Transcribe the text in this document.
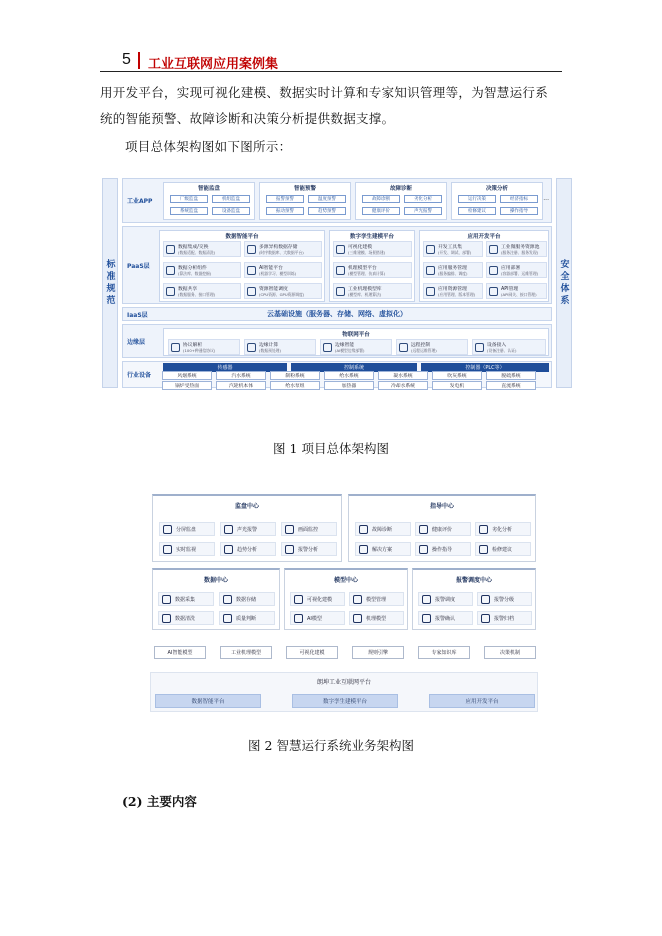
5 工业互联网应用案例集
用开发平台，实现可视化建模、数据实时计算和专家知识管理等，为智慧运行系
统的智能预警、故障诊断和决策分析提供数据支撑。
项目总体架构图如下图所示：
标准规范	安全体系
工业APP
智能监盘
厂级监盘	机组监盘
系统监盘	设备监盘
智能预警
报警预警	温度预警
振动预警	趋势预警
故障诊断
故障诊断	劣化分析
健康评价	声光报警
决策分析
运行决策	经济指标
检修建议	操作指导
...
PaaS层
数据智能平台
数据集成/交换
(数据适配、数据清洗)
多源异构数据存储
(时序数据库、大数据平台)
数据分析组件
(算法库、数据挖掘)
AI智能平台
(机器学习、模型训练)
数据共享
(数据服务、接口管理)
资源智能调度
(CPU资源、GPU资源调度)
数字孪生建模平台
可视化建模
(三维建模、场景搭建)
机理模型平台
(模型管理、仿真计算)
工业机理模型库
(模型库、机理算法)
应用开发平台
开发工具集
(开发、调试、部署)
工业微服务资源池
(服务注册、服务发现)
应用服务管理
(服务编排、调度)
应用部署
(容器部署、运维管理)
应用资源管理
(应用管理、版本管理)
API管理
(API网关、接口管理)
IaaS层	云基础设施（服务器、存储、网络、虚拟化）
边缘层
物联网平台
协议解析
(100+种通信协议)
边缘计算
(数据预处理)
边缘智能
(AI模型边缘部署)
远程控制
(远程运维管理)
设备接入
(设备注册、认证)
行业设备
传感器	控制系统	控制器（PLC等）
风烟系统	汽水系统	制粉系统	给水系统	凝水系统	吹灰系统	脱硫系统
锅炉受热面	汽轮机本体	给水泵组	加热器	冷却水系统	发电机	直流系统
图 1 项目总体架构图
监盘中心
分屏监盘	声光报警	画面监控
实时监视	趋势分析	报警分析
指导中心
故障诊断	健康评价	劣化分析
解决方案	操作指导	检修建议
数据中心
数据采集	数据存储
数据清洗	质量判断
模型中心
可视化建模	模型管理
AI模型	机理模型
报警调度中心
报警调度	报警分级
报警确认	报警归档
AI智能模型	工业机理模型	可视化建模	规则引擎	专家知识库	决策机制
朗坤工业互联网平台
数据智能平台	数字孪生建模平台	应用开发平台
图 2 智慧运行系统业务架构图
(2) 主要内容
